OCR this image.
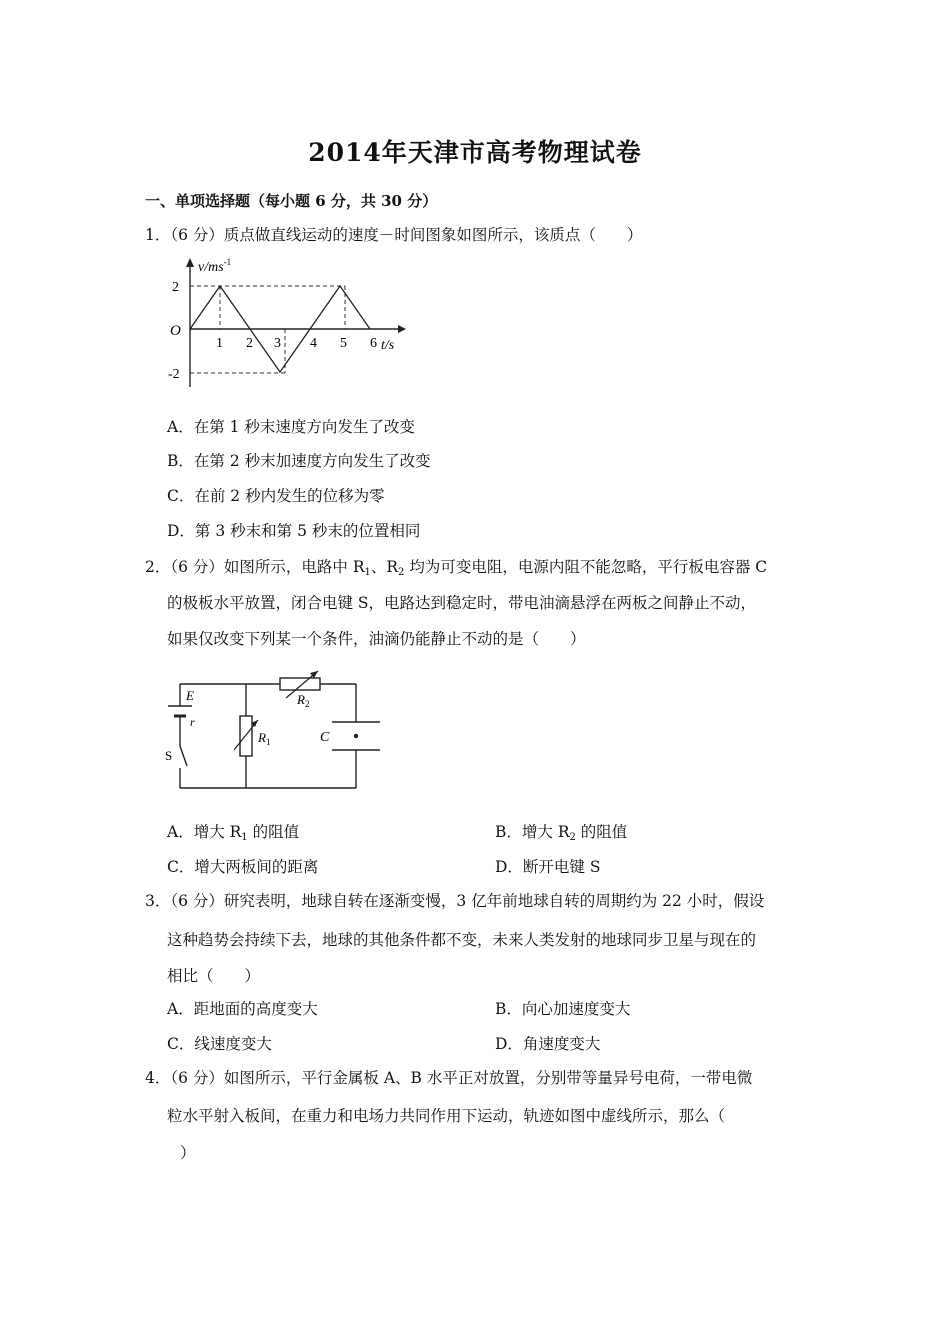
2014年天津市高考物理试卷
一、单项选择题（每小题 6 分，共 30 分）
1．（6 分）质点做直线运动的速度－时间图象如图所示，该质点（　　）
$v/ms^{-1}$
2
-2
O
1 2 3 4 5 6 t/s
A．在第 1 秒末速度方向发生了改变
B．在第 2 秒末加速度方向发生了改变
C．在前 2 秒内发生的位移为零
D．第 3 秒末和第 5 秒末的位置相同
2．（6 分）如图所示，电路中 $R_1$、$R_2$ 均为可变电阻，电源内阻不能忽略，平行板电容器 C
的极板水平放置，闭合电键 S，电路达到稳定时，带电油滴悬浮在两板之间静止不动，
如果仅改变下列某一个条件，油滴仍能静止不动的是（　　）
E
r
S
$R_1$
$R_2$
C
A．增大 $R_1$ 的阻值	B．增大 $R_2$ 的阻值
C．增大两板间的距离	D．断开电键 S
3．（6 分）研究表明，地球自转在逐渐变慢，3 亿年前地球自转的周期约为 22 小时，假设
这种趋势会持续下去，地球的其他条件都不变，未来人类发射的地球同步卫星与现在的
相比（　　）
A．距地面的高度变大	B．向心加速度变大
C．线速度变大	D．角速度变大
4．（6 分）如图所示，平行金属板 A、B 水平正对放置，分别带等量异号电荷，一带电微
粒水平射入板间，在重力和电场力共同作用下运动，轨迹如图中虚线所示，那么（
）
